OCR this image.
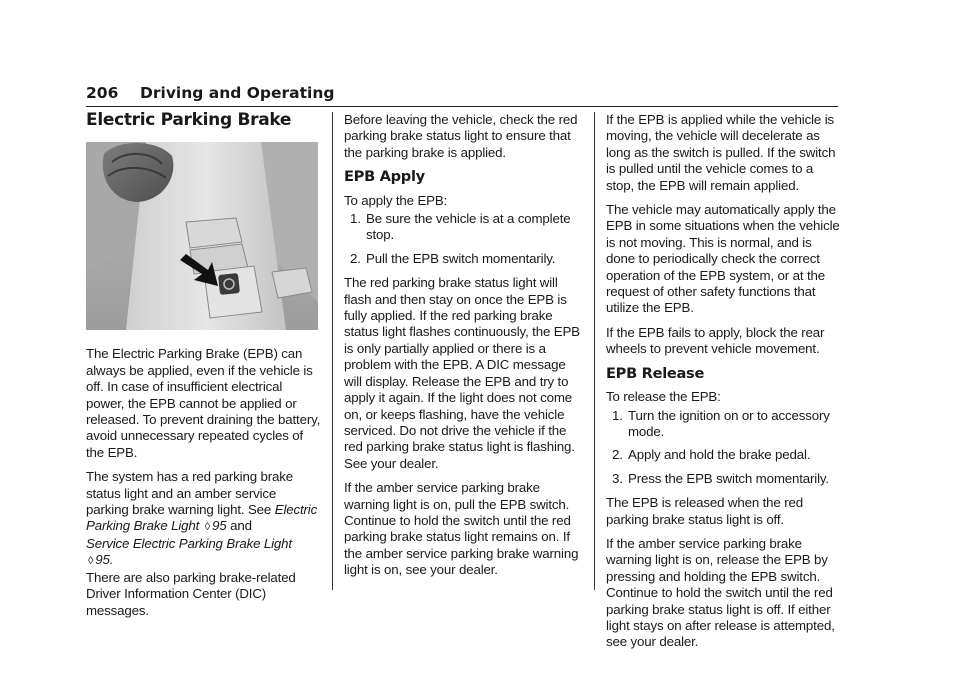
206 Driving and Operating
Electric Parking Brake

The Electric Parking Brake (EPB) can always be applied, even if the vehicle is off. In case of insufficient electrical power, the EPB cannot be applied or released. To prevent draining the battery, avoid unnecessary repeated cycles of the EPB.

The system has a red parking brake status light and an amber service parking brake warning light. See Electric Parking Brake Light ◊ 95 and
Service Electric Parking Brake Light ◊ 95.
There are also parking brake-related Driver Information Center (DIC) messages.

Before leaving the vehicle, check the red parking brake status light to ensure that the parking brake is applied.

EPB Apply

To apply the EPB:

1. Be sure the vehicle is at a complete stop.
2. Pull the EPB switch momentarily.

The red parking brake status light will flash and then stay on once the EPB is fully applied. If the red parking brake status light flashes continuously, the EPB is only partially applied or there is a problem with the EPB. A DIC message will display. Release the EPB and try to apply it again. If the light does not come on, or keeps flashing, have the vehicle serviced. Do not drive the vehicle if the red parking brake status light is flashing. See your dealer.

If the amber service parking brake warning light is on, pull the EPB switch. Continue to hold the switch until the red parking brake status light remains on. If the amber service parking brake warning light is on, see your dealer.

If the EPB is applied while the vehicle is moving, the vehicle will decelerate as long as the switch is pulled. If the switch is pulled until the vehicle comes to a stop, the EPB will remain applied.

The vehicle may automatically apply the EPB in some situations when the vehicle is not moving. This is normal, and is done to periodically check the correct operation of the EPB system, or at the request of other safety functions that utilize the EPB.

If the EPB fails to apply, block the rear wheels to prevent vehicle movement.

EPB Release

To release the EPB:

1. Turn the ignition on or to accessory mode.
2. Apply and hold the brake pedal.
3. Press the EPB switch momentarily.

The EPB is released when the red parking brake status light is off.

If the amber service parking brake warning light is on, release the EPB by pressing and holding the EPB switch. Continue to hold the switch until the red parking brake status light is off. If either light stays on after release is attempted, see your dealer.
